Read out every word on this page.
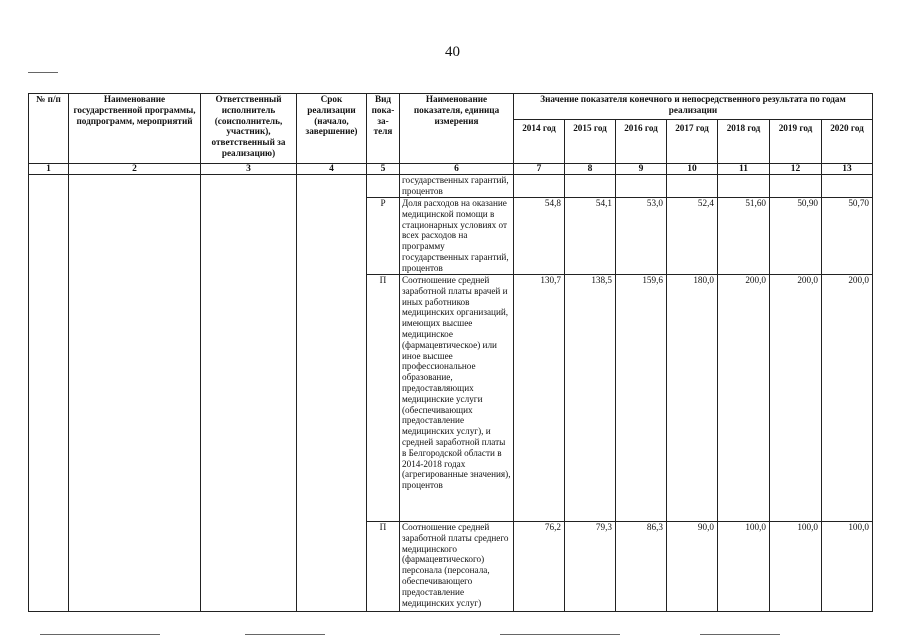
40
№ п/п	Наименование государственной программы, подпрограмм, мероприятий	Ответственный исполнитель (соисполнитель, участник), ответственный за реализацию)	Срок реализации (начало, завершение)	Вид пока-за-теля	Наименование показателя, единица измерения	Значение показателя конечного и непосредственного результата по годам реализации						
						2014 год	2015 год	2016 год	2017 год	2018 год	2019 год	2020 год
1	2	3	4	5	6	7	8	9	10	11	12	13
					государственных гарантий, процентов							
				Р	Доля расходов на оказание медицинской помощи в стационарных условиях от всех расходов на программу государственных гарантий, процентов	54,8	54,1	53,0	52,4	51,60	50,90	50,70
				П	Соотношение средней заработной платы врачей и иных работников медицинских организаций, имеющих высшее медицинское (фармацевтическое) или иное высшее профессиональное образование, предоставляющих медицинские услуги (обеспечивающих предоставление медицинских услуг), и средней заработной платы в Белгородской области в 2014-2018 годах (агрегированные значения), процентов	130,7	138,5	159,6	180,0	200,0	200,0	200,0
				П	Соотношение средней заработной платы среднего медицинского (фармацевтического) персонала (персонала, обеспечивающего предоставление медицинских услуг)	76,2	79,3	86,3	90,0	100,0	100,0	100,0
